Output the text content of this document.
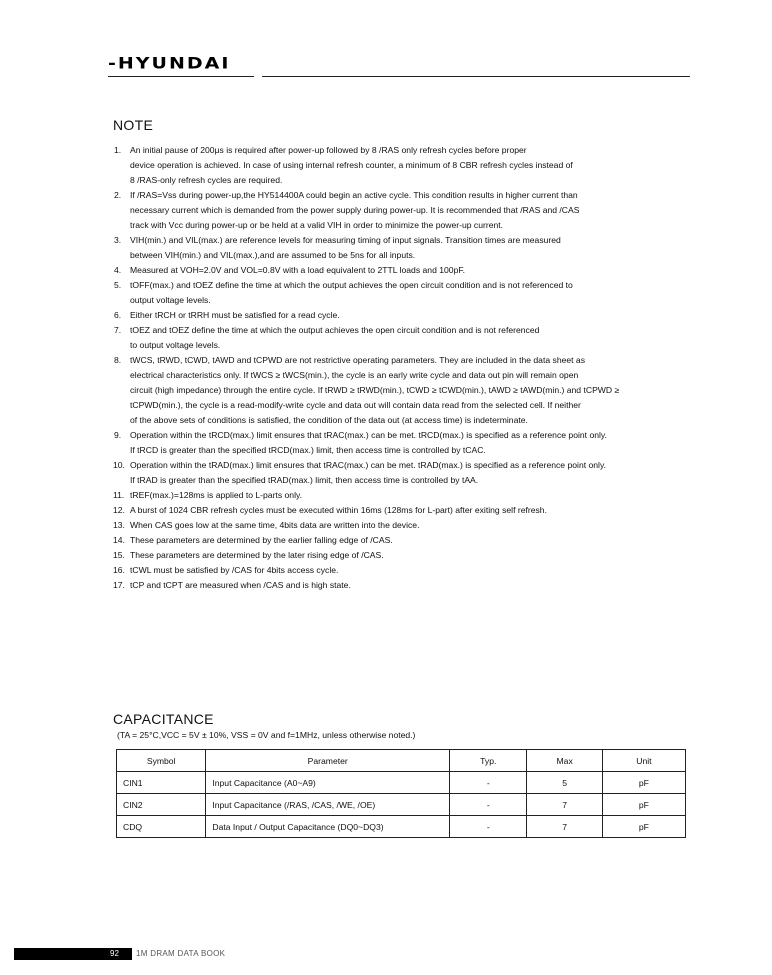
-HYUNDAI
NOTE
1. An initial pause of 200μs is required after power-up followed by 8 /RAS only refresh cycles before proper
device operation is achieved. In case of using internal refresh counter, a minimum of 8 CBR refresh cycles instead of
8 /RAS-only refresh cycles are required.
2. If /RAS=Vss during power-up,the HY514400A could begin an active cycle. This condition results in higher current than
necessary current which is demanded from the power supply during power-up. It is recommended that /RAS and /CAS
track with Vcc during power-up or be held at a valid VIH in order to minimize the power-up current.
3. VIH(min.) and VIL(max.) are reference levels for measuring timing of input signals. Transition times are measured
between VIH(min.) and VIL(max.),and are assumed to be 5ns for all inputs.
4. Measured at VOH=2.0V and VOL=0.8V with a load equivalent to 2TTL loads and 100pF.
5. tOFF(max.) and tOEZ define the time at which the output achieves the open circuit condition and is not referenced to
output voltage levels.
6. Either tRCH or tRRH must be satisfied for a read cycle.
7. tOEZ and tOEZ define the time at which the output achieves the open circuit condition and is not referenced
to output voltage levels.
8. tWCS, tRWD, tCWD, tAWD and tCPWD are not restrictive operating parameters. They are included in the data sheet as
electrical characteristics only. If tWCS ≥ tWCS(min.), the cycle is an early write cycle and data out pin will remain open
circuit (high impedance) through the entire cycle. If tRWD ≥ tRWD(min.), tCWD ≥ tCWD(min.), tAWD ≥ tAWD(min.) and tCPWD ≥
tCPWD(min.), the cycle is a read-modify-write cycle and data out will contain data read from the selected cell. If neither
of the above sets of conditions is satisfied, the condition of the data out (at access time) is indeterminate.
9. Operation within the tRCD(max.) limit ensures that tRAC(max.) can be met. tRCD(max.) is specified as a reference point only.
If tRCD is greater than the specified tRCD(max.) limit, then access time is controlled by tCAC.
10. Operation within the tRAD(max.) limit ensures that tRAC(max.) can be met. tRAD(max.) is specified as a reference point only.
If tRAD is greater than the specified tRAD(max.) limit, then access time is controlled by tAA.
11. tREF(max.)=128ms is applied to L-parts only.
12. A burst of 1024 CBR refresh cycles must be executed within 16ms (128ms for L-part) after exiting self refresh.
13. When CAS goes low at the same time, 4bits data are written into the device.
14. These parameters are determined by the earlier falling edge of /CAS.
15. These parameters are determined by the later rising edge of /CAS.
16. tCWL must be satisfied by /CAS for 4bits access cycle.
17. tCP and tCPT are measured when /CAS and is high state.
CAPACITANCE
(TA = 25°C,VCC = 5V ± 10%, VSS = 0V and f=1MHz, unless otherwise noted.)
Symbol	Parameter	Typ.	Max	Unit
CIN1	Input Capacitance (A0~A9)	-	5	pF
CIN2	Input Capacitance (/RAS, /CAS, /WE, /OE)	-	7	pF
CDQ	Data Input / Output Capacitance (DQ0~DQ3)	-	7	pF
92 1M DRAM DATA BOOK
